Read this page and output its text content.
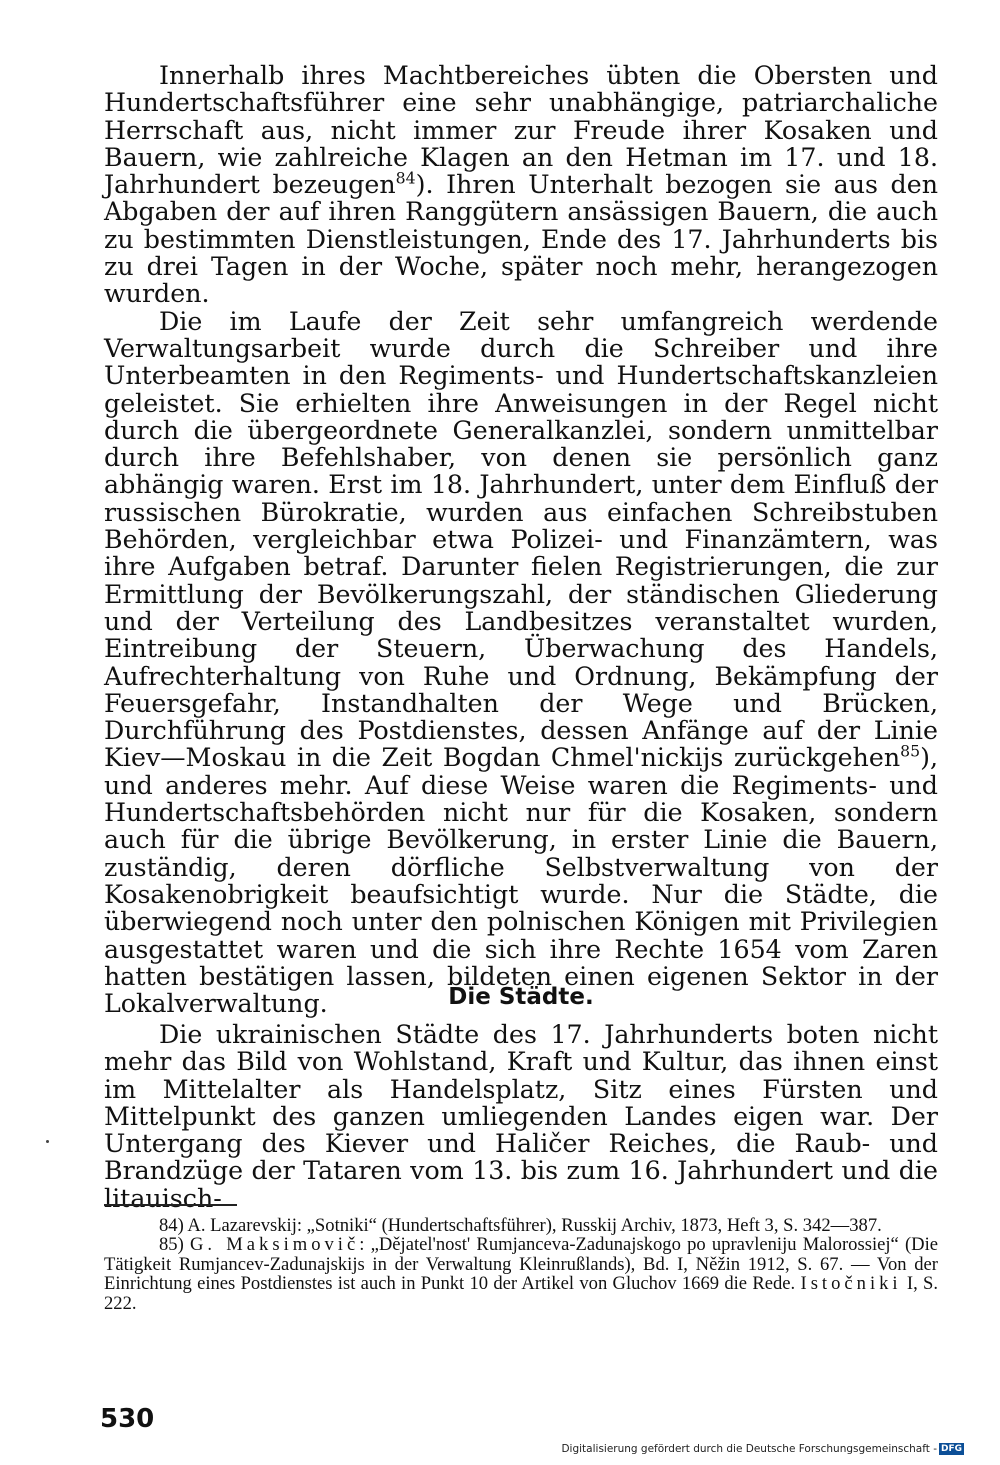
Innerhalb ihres Machtbereiches übten die Obersten und Hundertschaftsführer eine sehr unabhängige, patriarchaliche Herrschaft aus, nicht immer zur Freude ihrer Kosaken und Bauern, wie zahlreiche Klagen an den Hetman im 17. und 18. Jahrhundert bezeugen$^{84}$). Ihren Unterhalt bezogen sie aus den Abgaben der auf ihren Ranggütern ansässigen Bauern, die auch zu bestimmten Dienstleistungen, Ende des 17. Jahrhunderts bis zu drei Tagen in der Woche, später noch mehr, herangezogen wurden.

Die im Laufe der Zeit sehr umfangreich werdende Verwaltungsarbeit wurde durch die Schreiber und ihre Unterbeamten in den Regiments- und Hundertschaftskanzleien geleistet. Sie erhielten ihre Anweisungen in der Regel nicht durch die übergeordnete Generalkanzlei, sondern unmittelbar durch ihre Befehlshaber, von denen sie persönlich ganz abhängig waren. Erst im 18. Jahrhundert, unter dem Einfluß der russischen Bürokratie, wurden aus einfachen Schreibstuben Behörden, vergleichbar etwa Polizei- und Finanzämtern, was ihre Aufgaben betraf. Darunter fielen Registrierungen, die zur Ermittlung der Bevölkerungszahl, der ständischen Gliederung und der Verteilung des Landbesitzes veranstaltet wurden, Eintreibung der Steuern, Überwachung des Handels, Aufrechterhaltung von Ruhe und Ordnung, Bekämpfung der Feuersgefahr, Instandhalten der Wege und Brücken, Durchführung des Postdienstes, dessen Anfänge auf der Linie Kiev—Moskau in die Zeit Bogdan Chmel'nickijs zurückgehen$^{85}$), und anderes mehr. Auf diese Weise waren die Regiments- und Hundertschaftsbehörden nicht nur für die Kosaken, sondern auch für die übrige Bevölkerung, in erster Linie die Bauern, zuständig, deren dörfliche Selbstverwaltung von der Kosakenobrigkeit beaufsichtigt wurde. Nur die Städte, die überwiegend noch unter den polnischen Königen mit Privilegien ausgestattet waren und die sich ihre Rechte 1654 vom Zaren hatten bestätigen lassen, bildeten einen eigenen Sektor in der Lokalverwaltung.	Die Städte.

Die ukrainischen Städte des 17. Jahrhunderts boten nicht mehr das Bild von Wohlstand, Kraft und Kultur, das ihnen einst im Mittelalter als Handelsplatz, Sitz eines Fürsten und Mittelpunkt des ganzen umliegenden Landes eigen war. Der Untergang des Kiever und Haličer Reiches, die Raub- und Brandzüge der Tataren vom 13. bis zum 16. Jahrhundert und die litauisch-

84) A. Lazarevskij: „Sotniki“ (Hundertschaftsführer), Russkij Archiv, 1873, Heft 3, S. 342—387.

85) G. Maksimovič: „Dějatel'nost' Rumjanceva-Zadunajskogo po upravleniju Malorossiej“ (Die Tätigkeit Rumjancev-Zadunajskijs in der Verwaltung Kleinrußlands), Bd. I, Něžin 1912, S. 67. — Von der Einrichtung eines Postdienstes ist auch in Punkt 10 der Artikel von Gluchov 1669 die Rede. Istočniki I, S. 222.

530
Digitalisierung gefördert durch die Deutsche Forschungsgemeinschaft - DFG
